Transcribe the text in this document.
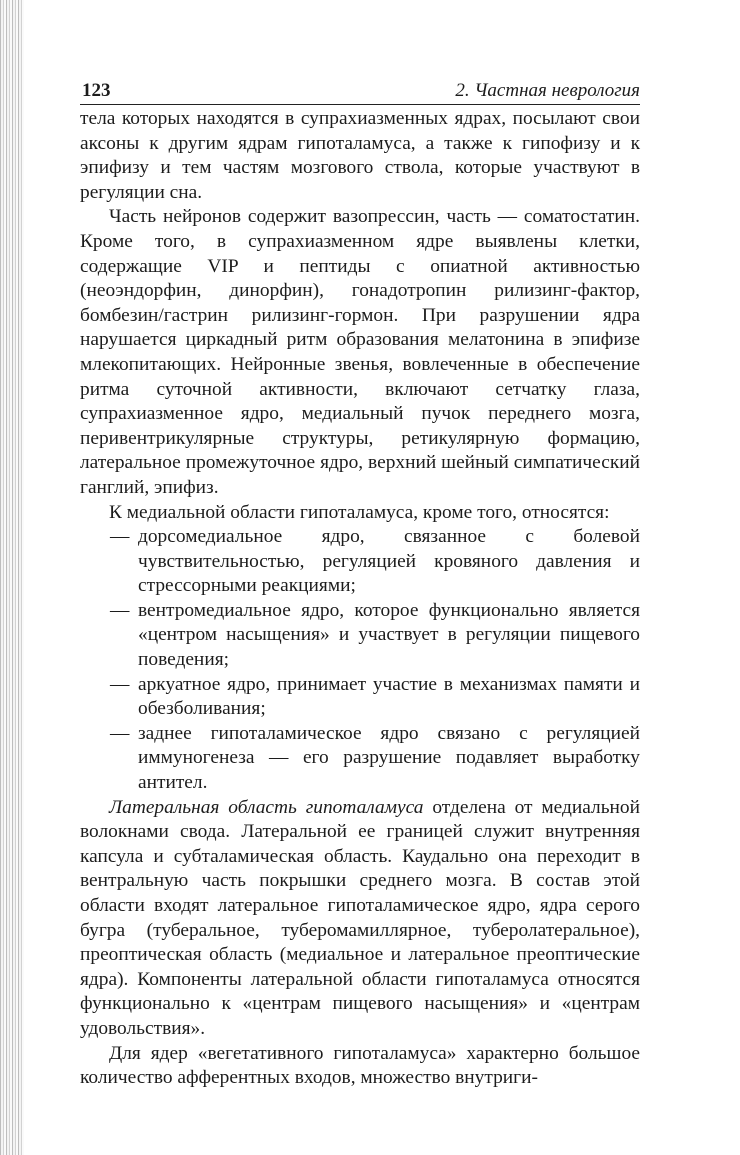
123	2. Частная неврология

тела которых находятся в супрахиазменных ядрах, посылают свои аксоны к другим ядрам гипоталамуса, а также к гипофизу и к эпифизу и тем частям мозгового ствола, которые участвуют в регуляции сна.

Часть нейронов содержит вазопрессин, часть — соматостатин. Кроме того, в супрахиазменном ядре выявлены клетки, содержащие VIP и пептиды с опиатной активностью (неоэндорфин, динорфин), гонадотропин рилизинг-фактор, бомбезин/гастрин рилизинг-гормон. При разрушении ядра нарушается циркадный ритм образования мелатонина в эпифизе млекопитающих. Нейронные звенья, вовлеченные в обеспечение ритма суточной активности, включают сетчатку глаза, супрахиазменное ядро, медиальный пучок переднего мозга, перивентрикулярные структуры, ретикулярную формацию, латеральное промежуточное ядро, верхний шейный симпатический ганглий, эпифиз.

К медиальной области гипоталамуса, кроме того, относятся:

— дорсомедиальное ядро, связанное с болевой чувствительностью, регуляцией кровяного давления и стрессорными реакциями;
— вентромедиальное ядро, которое функционально является «центром насыщения» и участвует в регуляции пищевого поведения;
— аркуатное ядро, принимает участие в механизмах памяти и обезболивания;
— заднее гипоталамическое ядро связано с регуляцией иммуногенеза — его разрушение подавляет выработку антител.

Латеральная область гипоталамуса отделена от медиальной волокнами свода. Латеральной ее границей служит внутренняя капсула и субталамическая область. Каудально она переходит в вентральную часть покрышки среднего мозга. В состав этой области входят латеральное гипоталамическое ядро, ядра серого бугра (туберальное, туберомамиллярное, туберолатеральное), преоптическая область (медиальное и латеральное преоптические ядра). Компоненты латеральной области гипоталамуса относятся функционально к «центрам пищевого насыщения» и «центрам удовольствия».

Для ядер «вегетативного гипоталамуса» характерно большое количество афферентных входов, множество внутриги-
